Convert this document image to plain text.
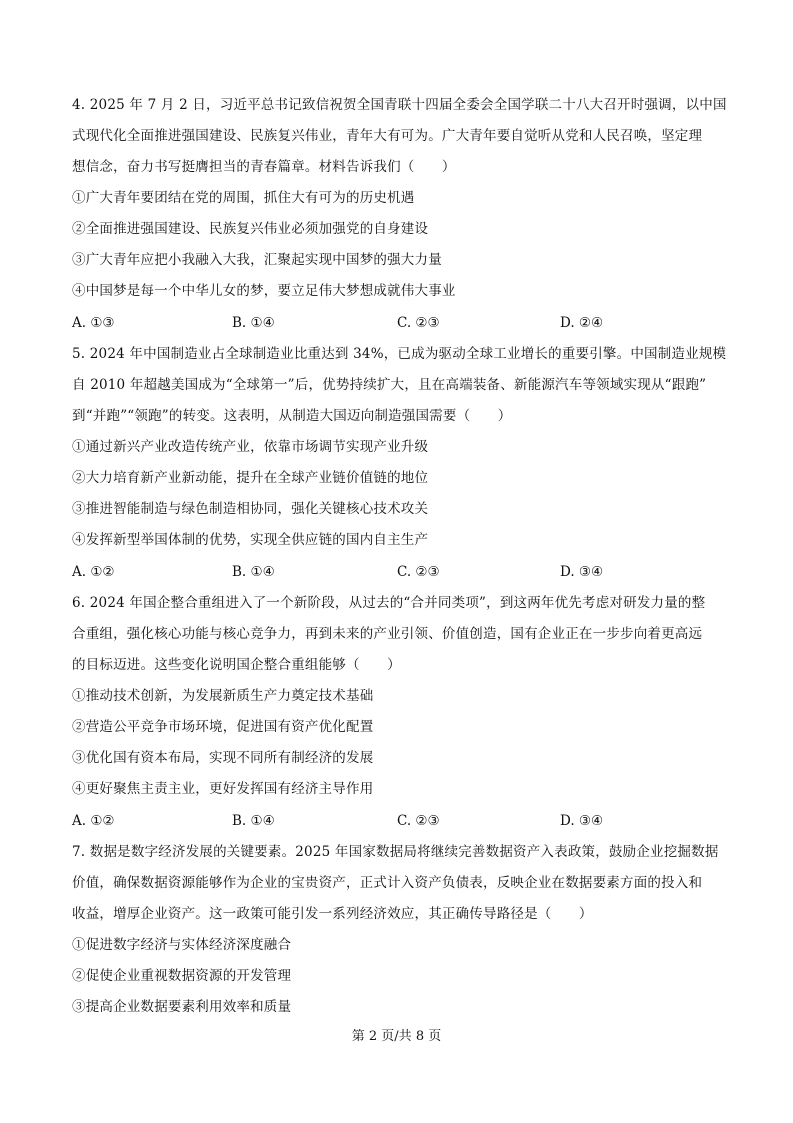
4. 2025 年 7 月 2 日，习近平总书记致信祝贺全国青联十四届全委会全国学联二十八大召开时强调，以中国
式现代化全面推进强国建设、民族复兴伟业，青年大有可为。广大青年要自觉听从党和人民召唤，坚定理
想信念，奋力书写挺膺担当的青春篇章。材料告诉我们（　　）
①广大青年要团结在党的周围，抓住大有可为的历史机遇
②全面推进强国建设、民族复兴伟业必须加强党的自身建设
③广大青年应把小我融入大我，汇聚起实现中国梦的强大力量
④中国梦是每一个中华儿女的梦，要立足伟大梦想成就伟大事业
A. ①③	B. ①④	C. ②③	D. ②④
5. 2024 年中国制造业占全球制造业比重达到 34%，已成为驱动全球工业增长的重要引擎。中国制造业规模
自 2010 年超越美国成为“全球第一”后，优势持续扩大，且在高端装备、新能源汽车等领域实现从“跟跑”
到“并跑”“领跑”的转变。这表明，从制造大国迈向制造强国需要（　　）
①通过新兴产业改造传统产业，依靠市场调节实现产业升级
②大力培育新产业新动能，提升在全球产业链价值链的地位
③推进智能制造与绿色制造相协同，强化关键核心技术攻关
④发挥新型举国体制的优势，实现全供应链的国内自主生产
A. ①②	B. ①④	C. ②③	D. ③④
6. 2024 年国企整合重组进入了一个新阶段，从过去的“合并同类项”，到这两年优先考虑对研发力量的整
合重组，强化核心功能与核心竞争力，再到未来的产业引领、价值创造，国有企业正在一步步向着更高远
的目标迈进。这些变化说明国企整合重组能够（　　）
①推动技术创新，为发展新质生产力奠定技术基础
②营造公平竞争市场环境，促进国有资产优化配置
③优化国有资本布局，实现不同所有制经济的发展
④更好聚焦主责主业，更好发挥国有经济主导作用
A. ①②	B. ①④	C. ②③	D. ③④
7. 数据是数字经济发展的关键要素。2025 年国家数据局将继续完善数据资产入表政策，鼓励企业挖掘数据
价值，确保数据资源能够作为企业的宝贵资产，正式计入资产负债表，反映企业在数据要素方面的投入和
收益，增厚企业资产。这一政策可能引发一系列经济效应，其正确传导路径是（　　）
①促进数字经济与实体经济深度融合
②促使企业重视数据资源的开发管理
③提高企业数据要素利用效率和质量
第 2 页/共 8 页
